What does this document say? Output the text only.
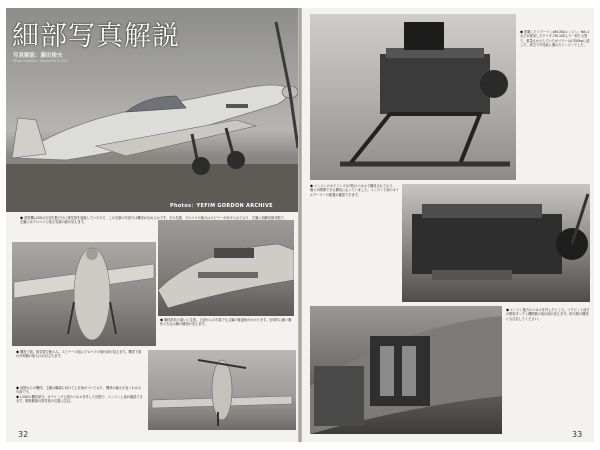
細部写真解説
写真解説：藤田俊夫
Photo Caption : Katsuhiro FUJITA
Photos：YEFIM GORDON ARCHIVE
◆ 原型機I-200は当初左舷だけに排気管を装備していたので、この右舷の写真では機首がなめらかです。その先端、プロペラの後ろはスピナーが付けられており、右翼に前脚収納状態で、左翼にはプロペラに残る気流の跡が見えます。
◆ 胴体形状の違いに注意。上面からの写真でも主翼の後退角がわかります。全体的に細い胴体と引込み脚の構造が見えます。
◆ 機首下面。排気管左舷のみ。スピナーの前にプロペラの取付部が見えます。機首下面の冷却器の取入口が目立ちます。
◆ 前面からの機体。主翼は翼端に向けて上反角がついており、機体の細さが良くわかる写真です。
◆ I-200の機首部分。カウリング上面のパネルを外した状態で、エンジン上部が確認できます。胴体側面の排気管の位置に注目。
32
◆ 搭載したミクーリンAM-35Aエンジン。Yak-1などが採用したクリモフM-105より一回り大型で、重量もかさんでいたがパワーは1350hpに達した。高空での性能に優れたエンジンでした。
◆ エンジンのカウリングは7枚のパネルで構成されており、個々が開閉できる構造になっていました。エンジン下部のオイルクーラーの配置が確認できます。
◆ エンジン後方のパネルを外したところ。コクピット前方の燃料タンクと機関銃の取付部が見えます。防火壁の構造にも注目してください。
33
